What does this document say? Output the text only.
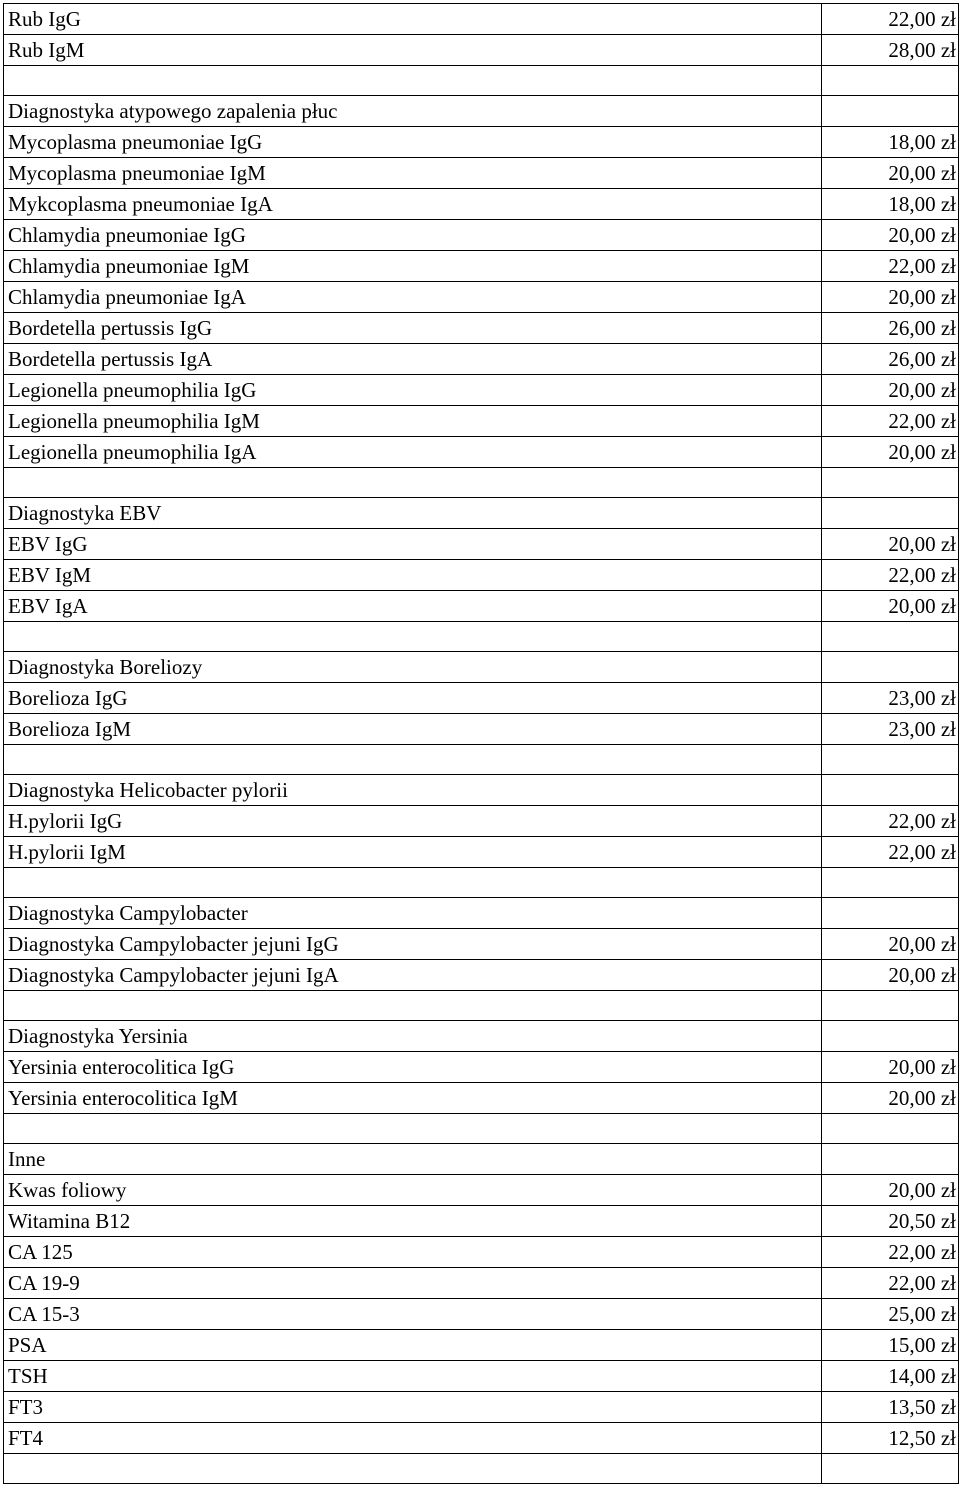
Rub IgG	22,00 zł
Rub IgM	28,00 zł

Diagnostyka atypowego zapalenia płuc	
Mycoplasma pneumoniae IgG	18,00 zł
Mycoplasma pneumoniae IgM	20,00 zł
Mykcoplasma pneumoniae IgA	18,00 zł
Chlamydia pneumoniae IgG	20,00 zł
Chlamydia pneumoniae IgM	22,00 zł
Chlamydia pneumoniae IgA	20,00 zł
Bordetella pertussis IgG	26,00 zł
Bordetella pertussis IgA	26,00 zł
Legionella pneumophilia IgG	20,00 zł
Legionella pneumophilia IgM	22,00 zł
Legionella pneumophilia IgA	20,00 zł

Diagnostyka EBV	
EBV IgG	20,00 zł
EBV IgM	22,00 zł
EBV IgA	20,00 zł

Diagnostyka Boreliozy	
Borelioza IgG	23,00 zł
Borelioza IgM	23,00 zł

Diagnostyka Helicobacter pylorii	
H.pylorii IgG	22,00 zł
H.pylorii IgM	22,00 zł

Diagnostyka Campylobacter	
Diagnostyka Campylobacter jejuni IgG	20,00 zł
Diagnostyka Campylobacter jejuni IgA	20,00 zł

Diagnostyka Yersinia	
Yersinia enterocolitica IgG	20,00 zł
Yersinia enterocolitica IgM	20,00 zł

Inne	
Kwas foliowy	20,00 zł
Witamina B12	20,50 zł
CA 125	22,00 zł
CA 19-9	22,00 zł
CA 15-3	25,00 zł
PSA	15,00 zł
TSH	14,00 zł
FT3	13,50 zł
FT4	12,50 zł
